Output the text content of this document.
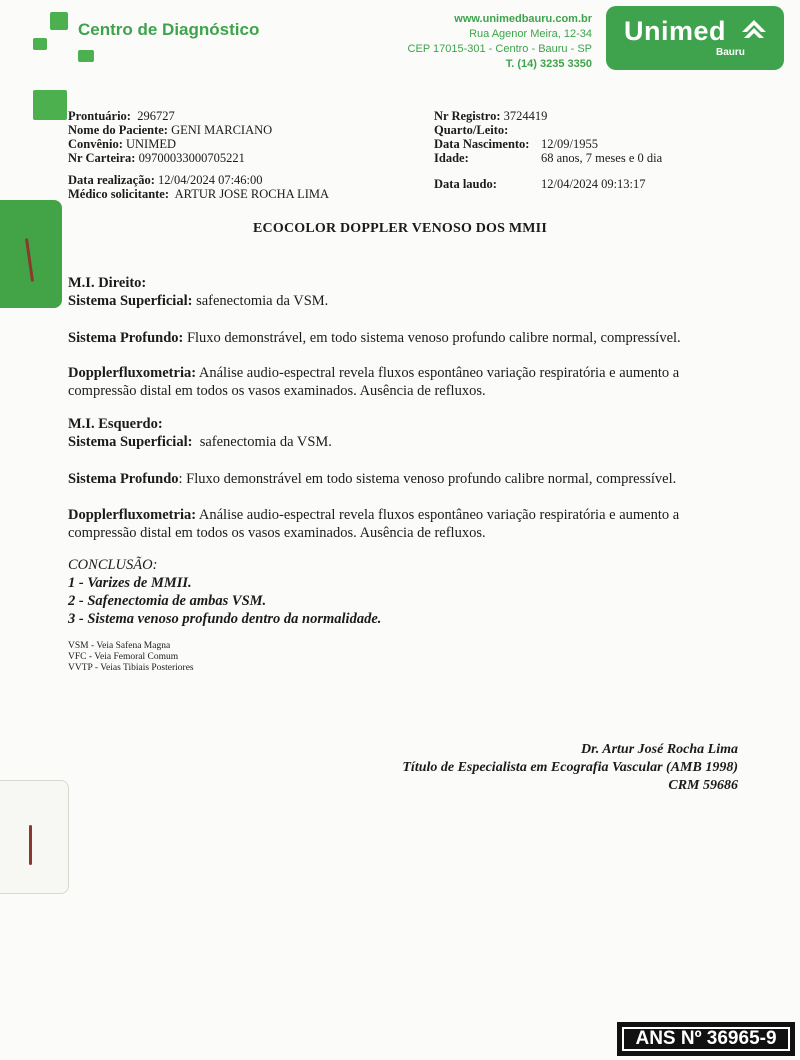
Centro de Diagnóstico
www.unimedbauru.com.br
Rua Agenor Meira, 12-34
CEP 17015-301 - Centro - Bauru - SP
T. (14) 3235 3350
Unimed
Bauru
Prontuário: 296727
Nome do Paciente: GENI MARCIANO
Convênio: UNIMED
Nr Carteira: 09700033000705221
Data realização: 12/04/2024 07:46:00
Médico solicitante: ARTUR JOSE ROCHA LIMA
Nr Registro: 3724419
Quarto/Leito:
Data Nascimento: 12/09/1955
Idade:	68 anos, 7 meses e 0 dia
Data laudo:	12/04/2024 09:13:17
ECOCOLOR DOPPLER VENOSO DOS MMII

M.I. Direito:

Sistema Superficial: safenectomia da VSM.

Sistema Profundo: Fluxo demonstrável, em todo sistema venoso profundo calibre normal, compressível.

Dopplerfluxometria: Análise audio-espectral revela fluxos espontâneo variação respiratória e aumento a compressão distal em todos os vasos examinados. Ausência de refluxos.

M.I. Esquerdo:

Sistema Superficial: safenectomia da VSM.

Sistema Profundo: Fluxo demonstrável em todo sistema venoso profundo calibre normal, compressível.

Dopplerfluxometria: Análise audio-espectral revela fluxos espontâneo variação respiratória e aumento a compressão distal em todos os vasos examinados. Ausência de refluxos.

CONCLUSÃO:
1 - Varizes de MMII.
2 - Safenectomia de ambas VSM.
3 - Sistema venoso profundo dentro da normalidade.
VSM - Veia Safena Magna
VFC - Veia Femoral Comum
VVTP - Veias Tibiais Posteriores
Dr. Artur José Rocha Lima
Título de Especialista em Ecografia Vascular (AMB 1998)
CRM 59686
ANS Nº 36965-9
